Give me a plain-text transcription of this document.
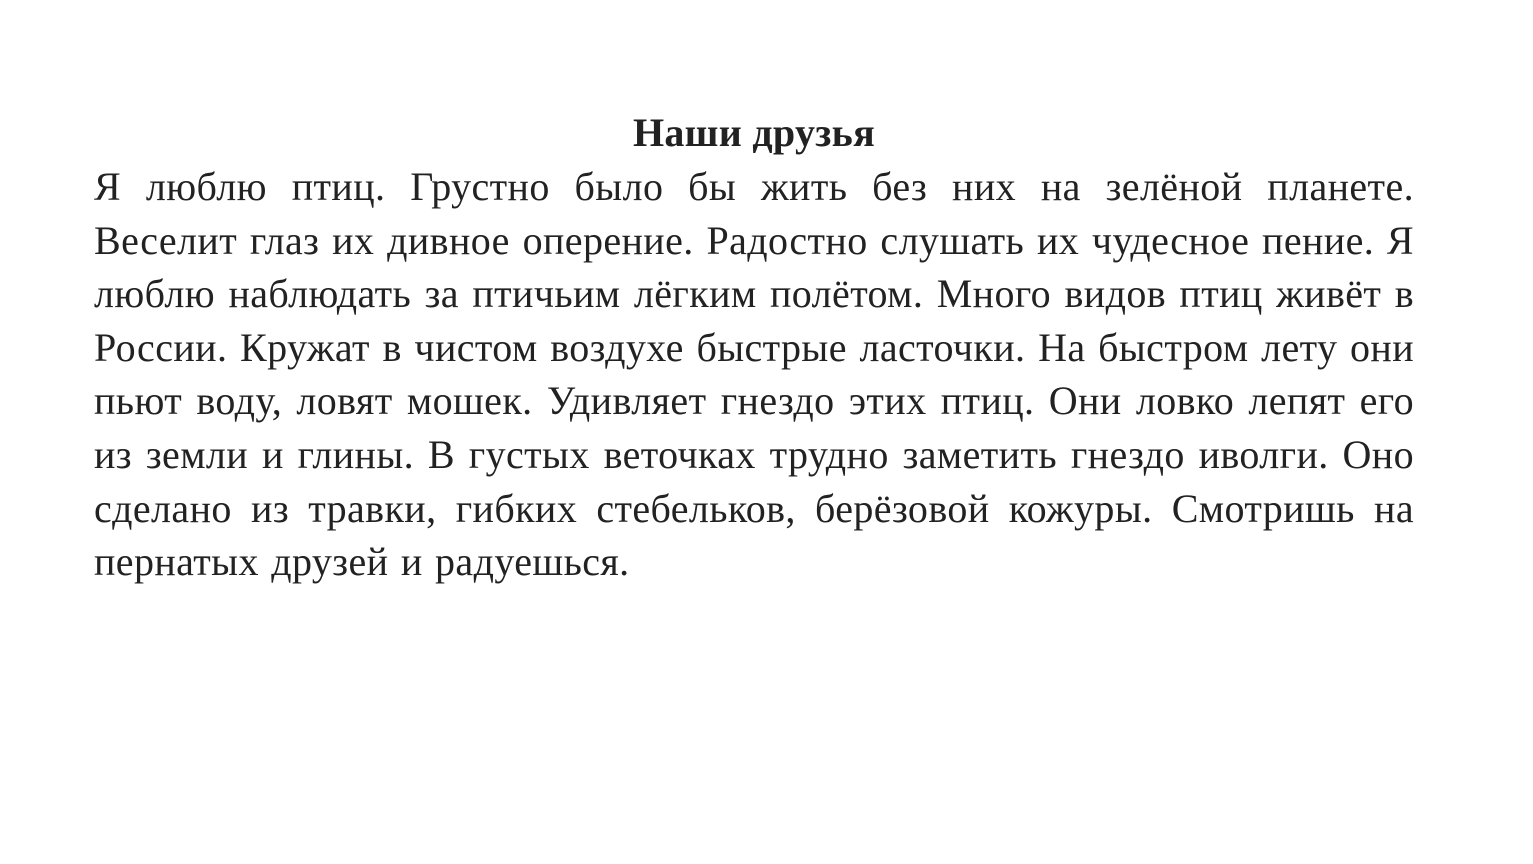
Наши друзья

Я люблю птиц. Грустно было бы жить без них на зелёной планете. Веселит глаз их дивное оперение. Радостно слушать их чудесное пение. Я люблю наблюдать за птичьим лёгким полётом. Много видов птиц живёт в России. Кружат в чистом воздухе быстрые ласточки. На быстром лету они пьют воду, ловят мошек. Удивляет гнездо этих птиц. Они ловко лепят его из земли и глины. В густых веточках трудно заметить гнездо иволги. Оно сделано из травки, гибких стебельков, берёзовой кожуры. Смотришь на пернатых друзей и радуешься.
